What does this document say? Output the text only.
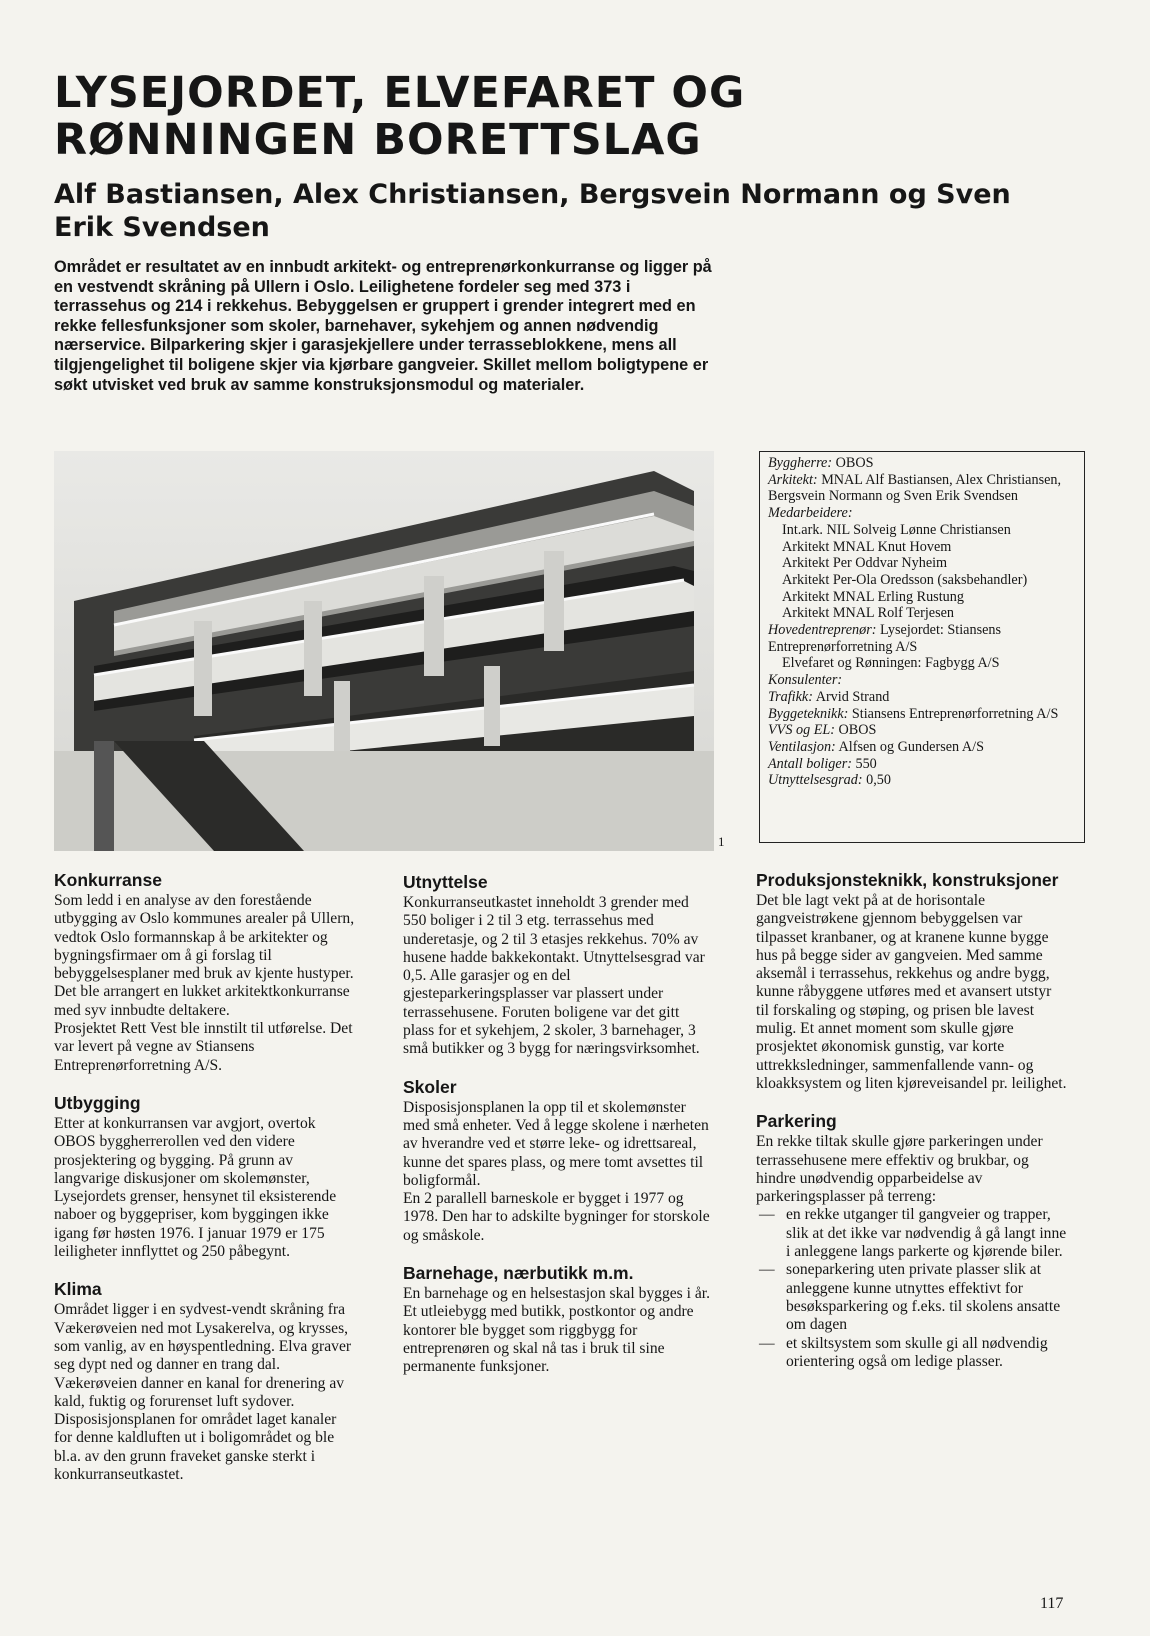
LYSEJORDET, ELVEFARET OG RØNNINGEN BORETTSLAG
Alf Bastiansen, Alex Christiansen, Bergsvein Normann og Sven Erik Svendsen

Området er resultatet av en innbudt arkitekt- og entreprenørkonkurranse og ligger på en vestvendt skråning på Ullern i Oslo. Leilighetene fordeler seg med 373 i terrassehus og 214 i rekkehus. Bebyggelsen er gruppert i grender integrert med en rekke fellesfunksjoner som skoler, barnehaver, sykehjem og annen nødvendig nærservice. Bilparkering skjer i garasjekjellere under terrasseblokkene, mens all tilgjengelighet til boligene skjer via kjørbare gangveier. Skillet mellom boligtypene er søkt utvisket ved bruk av samme konstruksjonsmodul og materialer.

1

Byggherre: OBOS

Arkitekt: MNAL Alf Bastiansen, Alex Christiansen, Bergsvein Normann og Sven Erik Svendsen

Medarbeidere:

Int.ark. NIL Solveig Lønne Christiansen

Arkitekt MNAL Knut Hovem

Arkitekt Per Oddvar Nyheim

Arkitekt Per-Ola Oredsson (saksbehandler)

Arkitekt MNAL Erling Rustung

Arkitekt MNAL Rolf Terjesen

Hovedentreprenør: Lysejordet: Stiansens Entreprenørforretning A/S

Elvefaret og Rønningen: Fagbygg A/S

Konsulenter:

Trafikk: Arvid Strand

Byggeteknikk: Stiansens Entreprenørforretning A/S

VVS og EL: OBOS

Ventilasjon: Alfsen og Gundersen A/S

Antall boliger: 550

Utnyttelsesgrad: 0,50

Konkurranse

Som ledd i en analyse av den forestående utbygging av Oslo kommunes arealer på Ullern, vedtok Oslo formannskap å be arkitekter og bygningsfirmaer om å gi forslag til bebyggelsesplaner med bruk av kjente hustyper. Det ble arrangert en lukket arkitektkonkurranse med syv innbudte deltakere.

Prosjektet Rett Vest ble innstilt til utførelse. Det var levert på vegne av Stiansens Entreprenørforretning A/S.

Utbygging

Etter at konkurransen var avgjort, overtok OBOS byggherrerollen ved den videre prosjektering og bygging. På grunn av langvarige diskusjoner om skolemønster, Lysejordets grenser, hensynet til eksisterende naboer og byggepriser, kom byggingen ikke igang før høsten 1976. I januar 1979 er 175 leiligheter innflyttet og 250 påbegynt.

Klima

Området ligger i en sydvest-vendt skråning fra Vækerøveien ned mot Lysakerelva, og krysses, som vanlig, av en høyspentledning. Elva graver seg dypt ned og danner en trang dal. Vækerøveien danner en kanal for drenering av kald, fuktig og forurenset luft sydover. Disposisjonsplanen for området laget kanaler for denne kaldluften ut i boligområdet og ble bl.a. av den grunn fraveket ganske sterkt i konkurranseutkastet.

Utnyttelse

Konkurranseutkastet inneholdt 3 grender med 550 boliger i 2 til 3 etg. terrassehus med underetasje, og 2 til 3 etasjes rekkehus. 70% av husene hadde bakkekontakt. Utnyttelsesgrad var 0,5. Alle garasjer og en del gjesteparkeringsplasser var plassert under terrassehusene. Foruten boligene var det gitt plass for et sykehjem, 2 skoler, 3 barnehager, 3 små butikker og 3 bygg for næringsvirksomhet.

Skoler

Disposisjonsplanen la opp til et skolemønster med små enheter. Ved å legge skolene i nærheten av hverandre ved et større leke- og idrettsareal, kunne det spares plass, og mere tomt avsettes til boligformål.

En 2 parallell barneskole er bygget i 1977 og 1978. Den har to adskilte bygninger for storskole og småskole.

Barnehage, nærbutikk m.m.

En barnehage og en helsestasjon skal bygges i år. Et utleiebygg med butikk, postkontor og andre kontorer ble bygget som riggbygg for entreprenøren og skal nå tas i bruk til sine permanente funksjoner.

Produksjonsteknikk, konstruksjoner

Det ble lagt vekt på at de horisontale gangveistrøkene gjennom bebyggelsen var tilpasset kranbaner, og at kranene kunne bygge hus på begge sider av gangveien. Med samme aksemål i terrassehus, rekkehus og andre bygg, kunne råbyggene utføres med et avansert utstyr til forskaling og støping, og prisen ble lavest mulig. Et annet moment som skulle gjøre prosjektet økonomisk gunstig, var korte uttrekksledninger, sammenfallende vann- og kloakksystem og liten kjøreveisandel pr. leilighet.

Parkering

En rekke tiltak skulle gjøre parkeringen under terrassehusene mere effektiv og brukbar, og hindre unødvendig opparbeidelse av parkeringsplasser på terreng:

— en rekke utganger til gangveier og trapper, slik at det ikke var nødvendig å gå langt inne i anleggene langs parkerte og kjørende biler.
— soneparkering uten private plasser slik at anleggene kunne utnyttes effektivt for besøksparkering og f.eks. til skolens ansatte om dagen
— et skiltsystem som skulle gi all nødvendig orientering også om ledige plasser.
117
